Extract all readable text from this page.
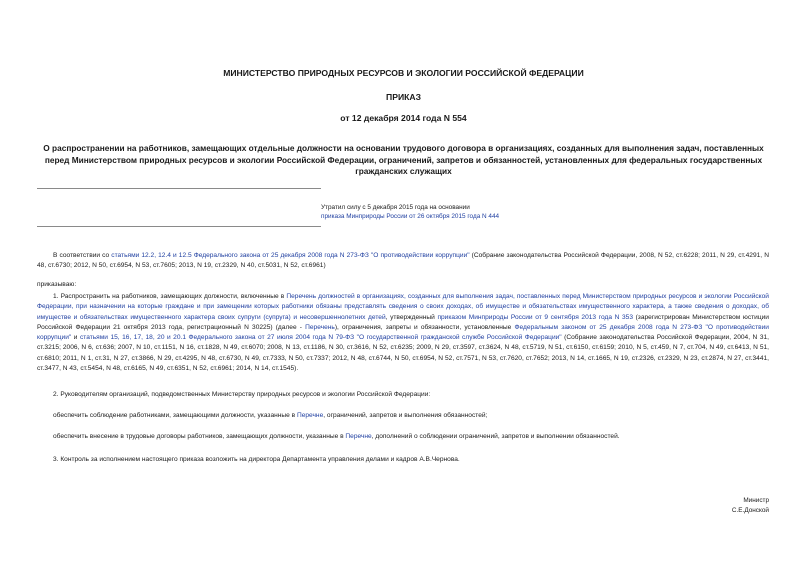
МИНИСТЕРСТВО ПРИРОДНЫХ РЕСУРСОВ И ЭКОЛОГИИ РОССИЙСКОЙ ФЕДЕРАЦИИ
ПРИКАЗ
от 12 декабря 2014 года N 554
О распространении на работников, замещающих отдельные должности на основании трудового договора в организациях, созданных для выполнения задач, поставленных перед Министерством природных ресурсов и экологии Российской Федерации, ограничений, запретов и обязанностей, установленных для федеральных государственных гражданских служащих
Утратил силу с 5 декабря 2015 года на основании
приказа Минприроды России от 26 октября 2015 года N 444
В соответствии со статьями 12.2, 12.4 и 12.5 Федерального закона от 25 декабря 2008 года N 273-ФЗ "О противодействии коррупции" (Собрание законодательства Российской Федерации, 2008, N 52, ст.6228; 2011, N 29, ст.4291, N 48, ст.6730; 2012, N 50, ст.6954, N 53, ст.7605; 2013, N 19, ст.2329, N 40, ст.5031, N 52, ст.6961)
приказываю:
1. Распространить на работников, замещающих должности, включенные в Перечень должностей в организациях, созданных для выполнения задач, поставленных перед Министерством природных ресурсов и экологии Российской Федерации, при назначении на которые граждане и при замещении которых работники обязаны представлять сведения о своих доходах, об имуществе и обязательствах имущественного характера, а также сведения о доходах, об имуществе и обязательствах имущественного характера своих супруги (супруга) и несовершеннолетних детей, утвержденный приказом Минприроды России от 9 сентября 2013 года N 353 (зарегистрирован Министерством юстиции Российской Федерации 21 октября 2013 года, регистрационный N 30225) (далее - Перечень), ограничения, запреты и обязанности, установленные Федеральным законом от 25 декабря 2008 года N 273-ФЗ "О противодействии коррупции" и статьями 15, 16, 17, 18, 20 и 20.1 Федерального закона от 27 июля 2004 года N 79-ФЗ "О государственной гражданской службе Российской Федерации" (Собрание законодательства Российской Федерации, 2004, N 31, ст.3215; 2006, N 6, ст.636; 2007, N 10, ст.1151, N 16, ст.1828, N 49, ст.6070; 2008, N 13, ст.1186, N 30, ст.3616, N 52, ст.6235; 2009, N 29, ст.3597, ст.3624, N 48, ст.5719, N 51, ст.6150, ст.6159; 2010, N 5, ст.459, N 7, ст.704, N 49, ст.6413, N 51, ст.6810; 2011, N 1, ст.31, N 27, ст.3866, N 29, ст.4295, N 48, ст.6730, N 49, ст.7333, N 50, ст.7337; 2012, N 48, ст.6744, N 50, ст.6954, N 52, ст.7571, N 53, ст.7620, ст.7652; 2013, N 14, ст.1665, N 19, ст.2326, ст.2329, N 23, ст.2874, N 27, ст.3441, ст.3477, N 43, ст.5454, N 48, ст.6165, N 49, ст.6351, N 52, ст.6961; 2014, N 14, ст.1545).
2. Руководителям организаций, подведомственных Министерству природных ресурсов и экологии Российской Федерации:
обеспечить соблюдение работниками, замещающими должности, указанные в Перечне, ограничений, запретов и выполнения обязанностей;
обеспечить внесение в трудовые договоры работников, замещающих должности, указанные в Перечне, дополнений о соблюдении ограничений, запретов и выполнении обязанностей.
3. Контроль за исполнением настоящего приказа возложить на директора Департамента управления делами и кадров А.В.Чернова.
Министр
С.Е.Донской
